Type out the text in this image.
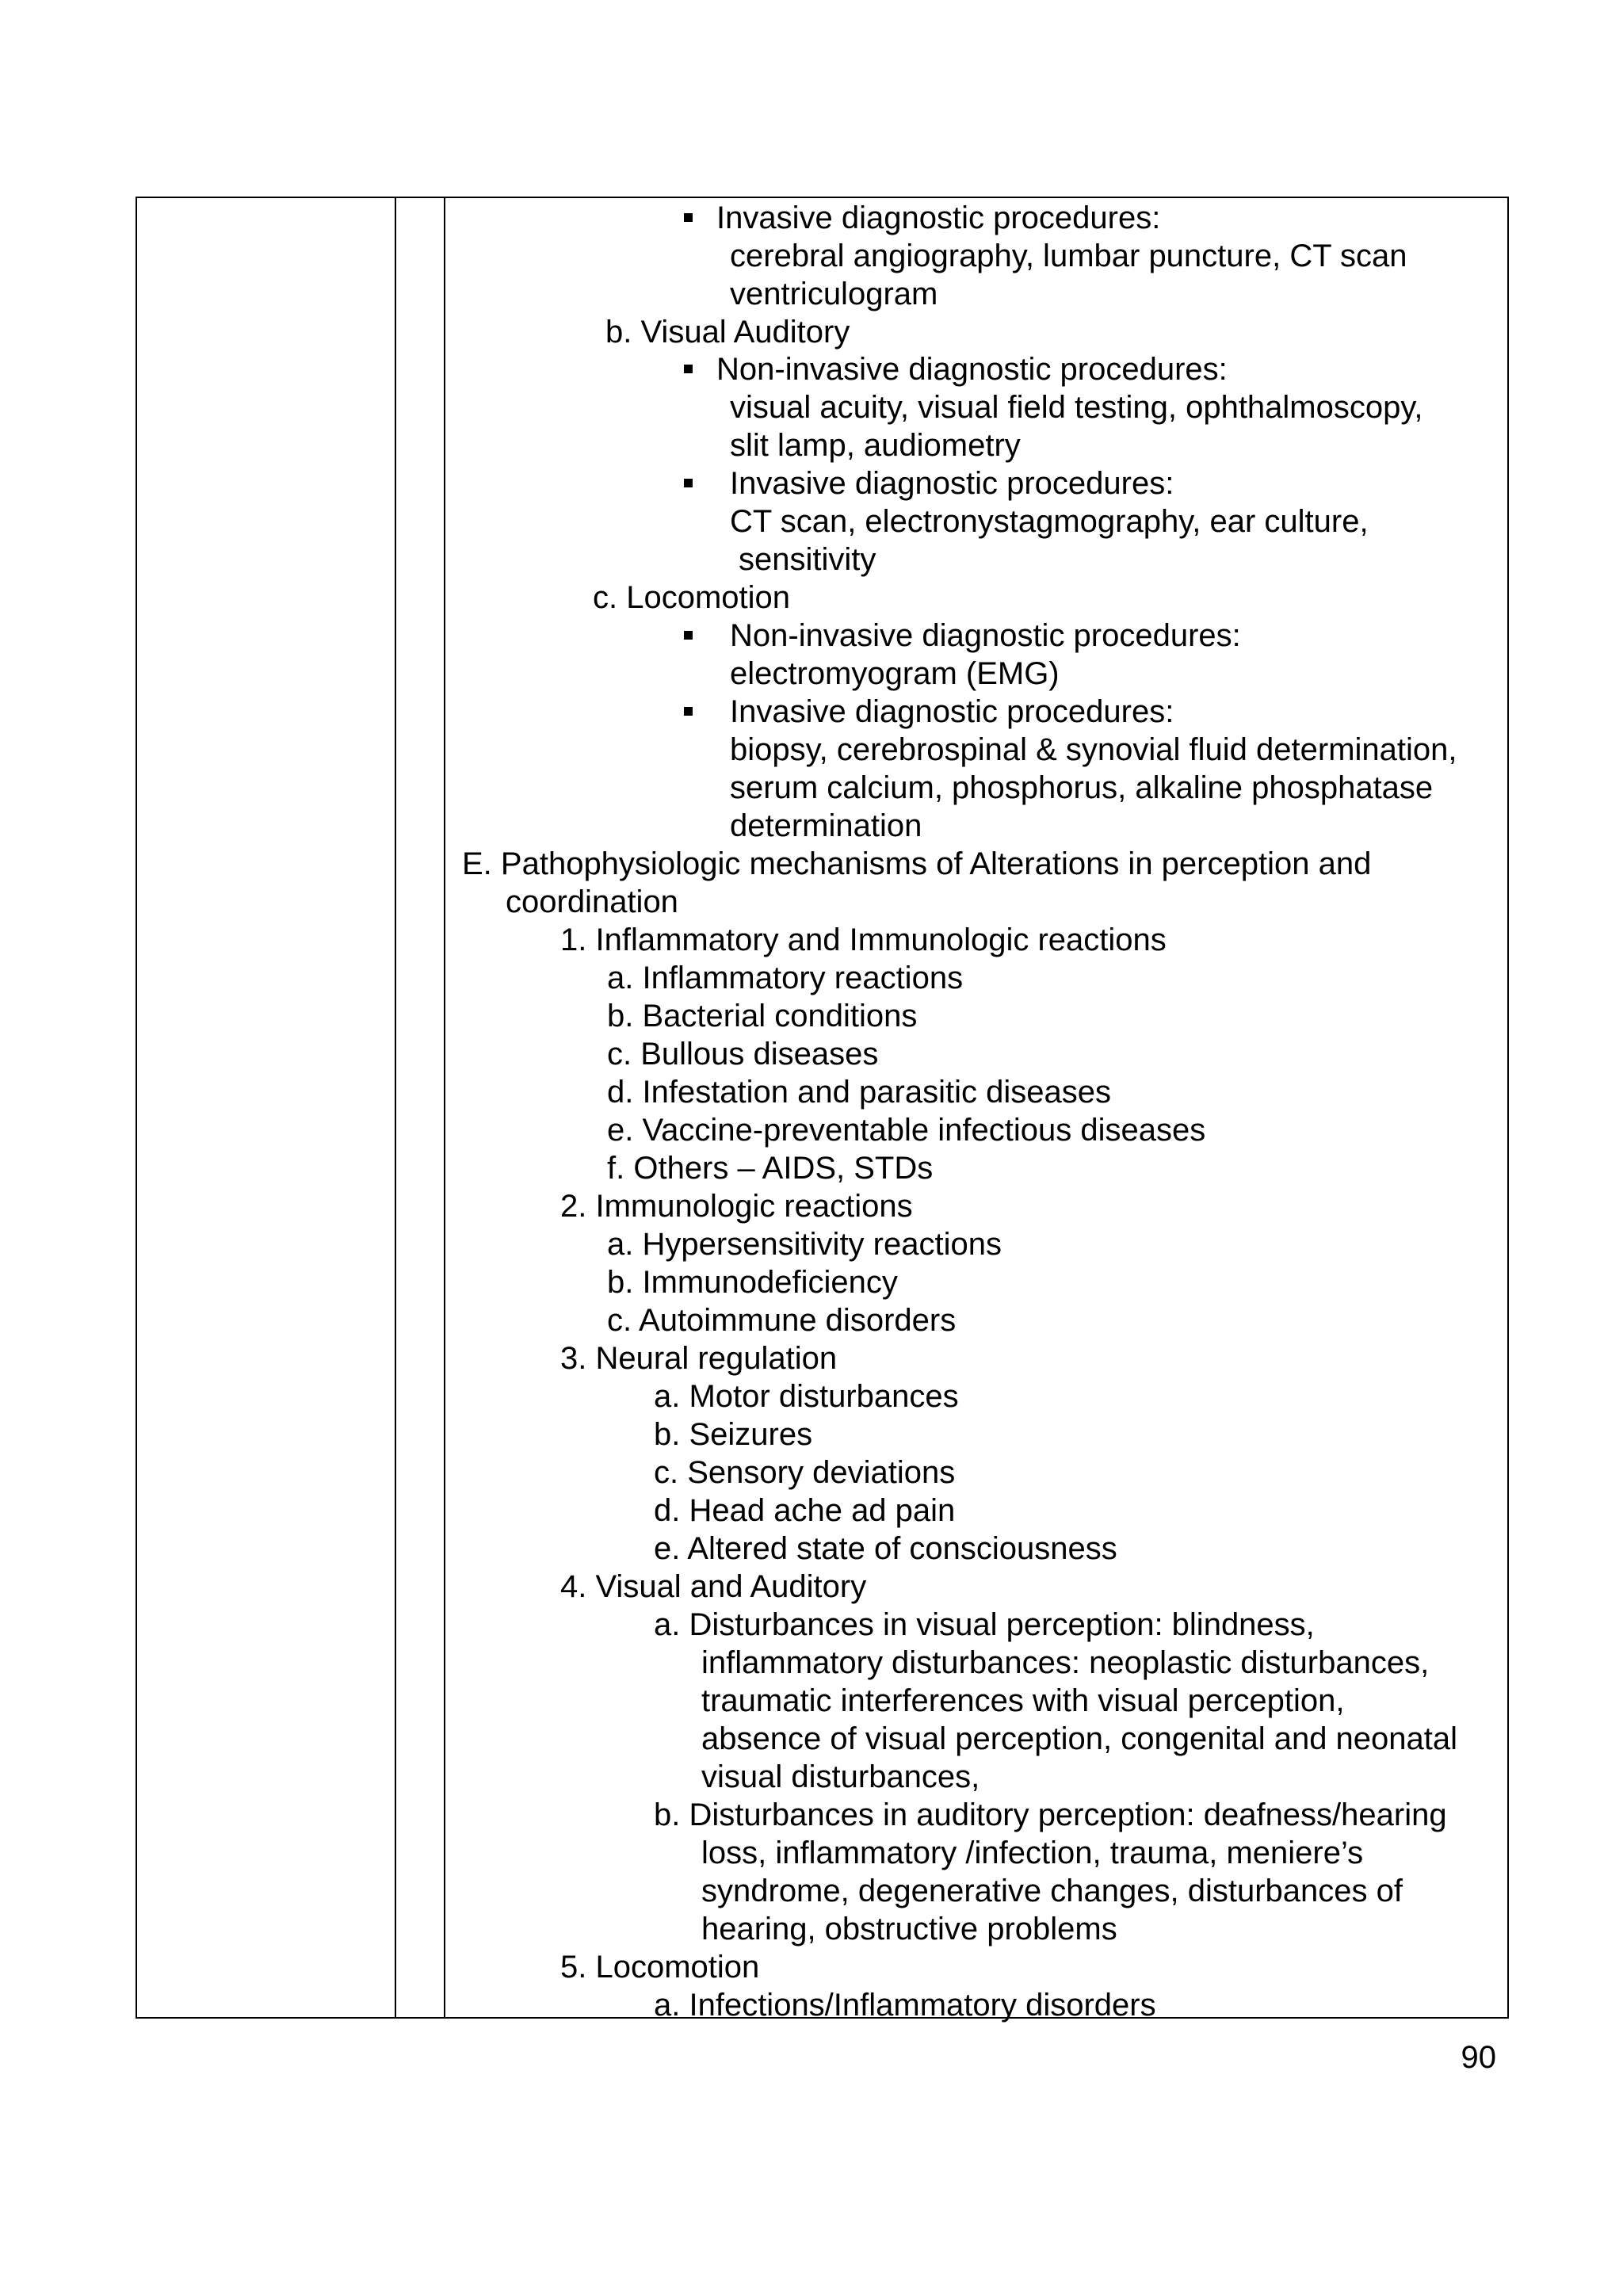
Invasive diagnostic procedures:
cerebral angiography, lumbar puncture, CT scan
ventriculogram
b. Visual Auditory
Non-invasive diagnostic procedures:
visual acuity, visual field testing, ophthalmoscopy,
slit lamp, audiometry
Invasive diagnostic procedures:
CT scan, electronystagmography, ear culture,
sensitivity
c. Locomotion
Non-invasive diagnostic procedures:
electromyogram (EMG)
Invasive diagnostic procedures:
biopsy, cerebrospinal & synovial fluid determination,
serum calcium, phosphorus, alkaline phosphatase
determination
E. Pathophysiologic mechanisms of Alterations in perception and
coordination
1. Inflammatory and Immunologic reactions
a. Inflammatory reactions
b. Bacterial conditions
c. Bullous diseases
d. Infestation and parasitic diseases
e. Vaccine-preventable infectious diseases
f. Others – AIDS, STDs
2. Immunologic reactions
a. Hypersensitivity reactions
b. Immunodeficiency
c. Autoimmune disorders
3. Neural regulation
a. Motor disturbances
b. Seizures
c. Sensory deviations
d. Head ache ad pain
e. Altered state of consciousness
4. Visual and Auditory
a. Disturbances in visual perception: blindness,
inflammatory disturbances: neoplastic disturbances,
traumatic interferences with visual perception,
absence of visual perception, congenital and neonatal
visual disturbances,
b. Disturbances in auditory perception: deafness/hearing
loss, inflammatory /infection, trauma, meniere’s
syndrome, degenerative changes, disturbances of
hearing, obstructive problems
5. Locomotion
a. Infections/Inflammatory disorders
90
